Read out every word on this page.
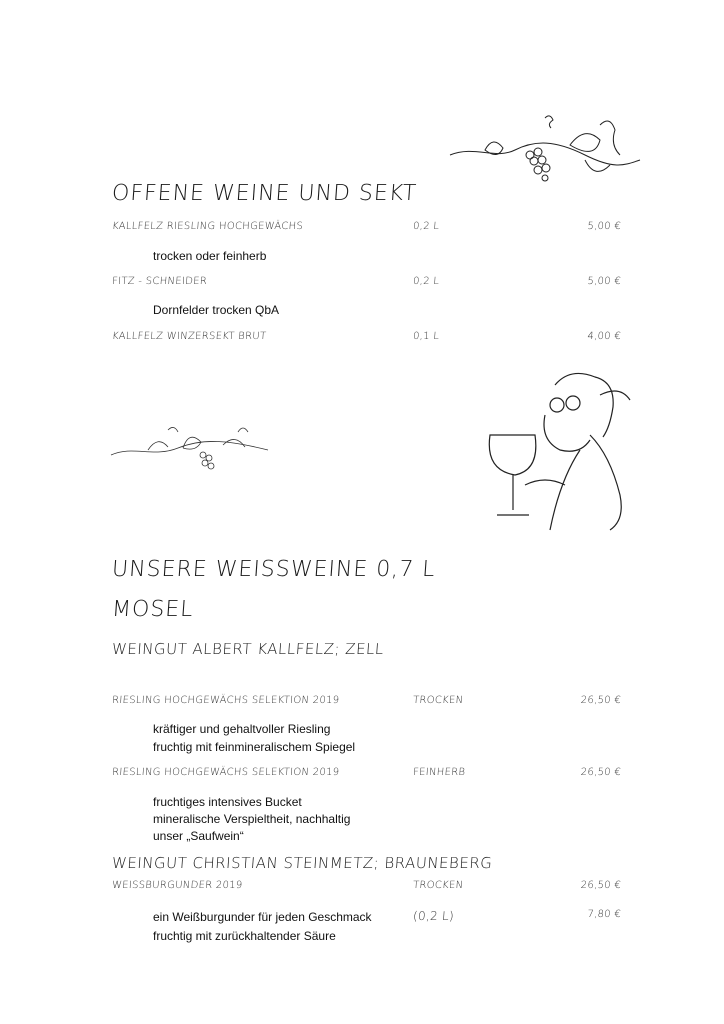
OFFENE WEINE UND SEKT
KALLFELZ RIESLING HOCHGEWÄCHS	0,2 L	5,00 €
trocken oder feinherb
FITZ - SCHNEIDER	0,2 L	5,00 €
Dornfelder trocken QbA
KALLFELZ WINZERSEKT BRUT	0,1 L	4,00 €
UNSERE WEISSWEINE 0,7 L
MOSEL
WEINGUT ALBERT KALLFELZ; ZELL
RIESLING HOCHGEWÄCHS SELEKTION 2019	TROCKEN	26,50 €
kräftiger und gehaltvoller Riesling
fruchtig mit feinmineralischem Spiegel
RIESLING HOCHGEWÄCHS SELEKTION 2019	FEINHERB	26,50 €
fruchtiges intensives Bucket
mineralische Verspieltheit, nachhaltig
unser „Saufwein“
WEINGUT CHRISTIAN STEINMETZ; BRAUNEBERG
WEISSBURGUNDER 2019	TROCKEN	26,50 €
ein Weißburgunder für jeden Geschmack	(0,2 L)	7,80 €
fruchtig mit zurückhaltender Säure
